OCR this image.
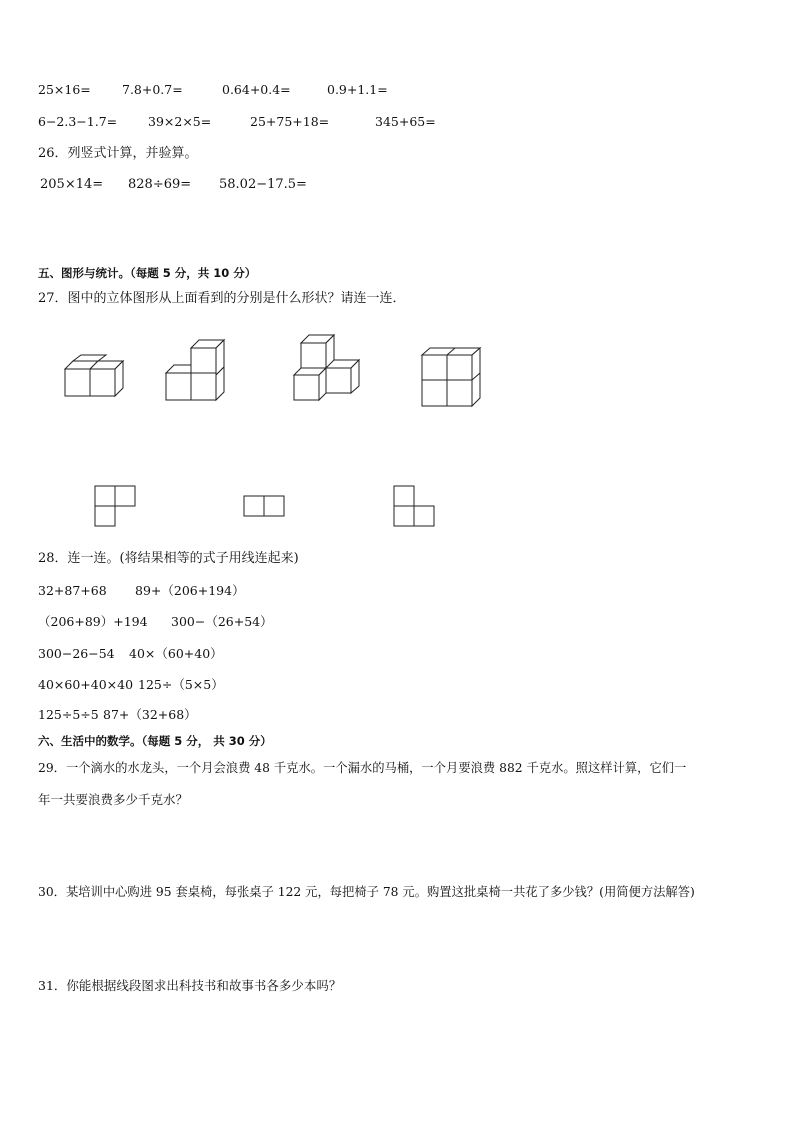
25×16= 7.8+0.7=	0.64+0.4=	0.9+1.1=
6−2.3−1.7= 39×2×5=	25+75+18=	345+65=
26．列竖式计算，并验算。
205×14= 828÷69= 58.02−17.5=
五、图形与统计。（每题 5 分，共 10 分）
27．图中的立体图形从上面看到的分别是什么形状？请连一连．
28．连一连。(将结果相等的式子用线连起来)
32+87+68 89+（206+194）
（206+89）+194 300−（26+54）
300−26−54 40×（60+40）
40×60+40×40 125÷（5×5）
125÷5÷5 87+（32+68）
六、生活中的数学。（每题 5 分， 共 30 分）
29．一个滴水的水龙头，一个月会浪费 48 千克水。一个漏水的马桶，一个月要浪费 882 千克水。照这样计算，它们一
年一共要浪费多少千克水？
30．某培训中心购进 95 套桌椅，每张桌子 122 元，每把椅子 78 元。购置这批桌椅一共花了多少钱？(用简便方法解答)
31．你能根据线段图求出科技书和故事书各多少本吗？
